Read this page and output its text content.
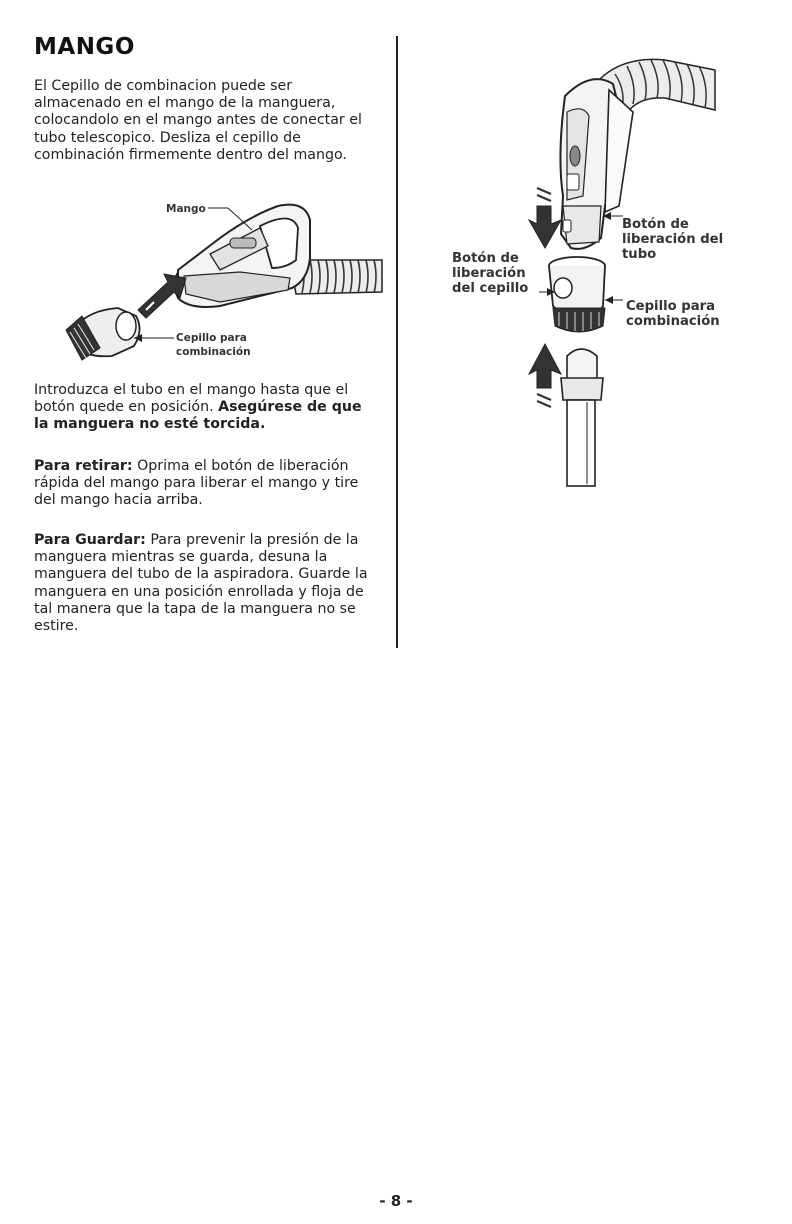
MANGO
El Cepillo de combinacion puede ser almacenado en el mango de la manguera, colocandolo en el mango antes de conectar el tubo telescopico. Desliza el cepillo de combinación firmemente dentro del mango.
Mango
Cepillo para combinación
Introduzca el tubo en el mango hasta que el botón quede en posición. Asegúrese de que la manguera no esté torcida.
Para retirar: Oprima el botón de liberación rápida del mango para liberar el mango y tire del mango hacia arriba.
Para Guardar: Para prevenir la presión de la manguera mientras se guarda, desuna la manguera del tubo de la aspiradora. Guarde la manguera en una posición enrollada y floja de tal manera que la tapa de la manguera no se estire.
Botón de liberación del tubo
Botón de liberación del cepillo
Cepillo para combinación
- 8 -
